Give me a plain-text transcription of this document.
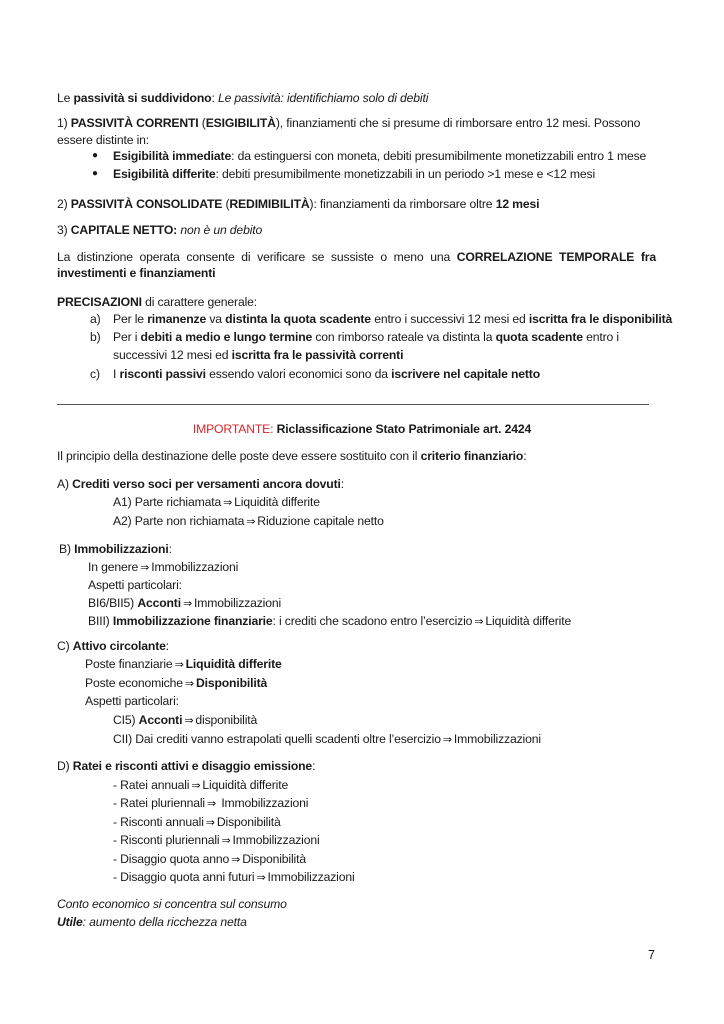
Le passività si suddividono: Le passività: identifichiamo solo di debiti
1) PASSIVITÀ CORRENTI (ESIGIBILITÀ), finanziamenti che si presume di rimborsare entro 12 mesi. Possono
essere distinte in:
● Esigibilità immediate: da estinguersi con moneta, debiti presumibilmente monetizzabili entro 1 mese
● Esigibilità differite: debiti presumibilmente monetizzabili in un periodo >1 mese e <12 mesi
2) PASSIVITÀ CONSOLIDATE (REDIMIBILITÀ): finanziamenti da rimborsare oltre 12 mesi
3) CAPITALE NETTO: non è un debito
La distinzione operata consente di verificare se sussiste o meno una CORRELAZIONE TEMPORALE fra investimenti e finanziamenti
PRECISAZIONI di carattere generale:
a) Per le rimanenze va distinta la quota scadente entro i successivi 12 mesi ed iscritta fra le disponibilità
b) Per i debiti a medio e lungo termine con rimborso rateale va distinta la quota scadente entro i
successivi 12 mesi ed iscritta fra le passività correnti
c) I risconti passivi essendo valori economici sono da iscrivere nel capitale netto
IMPORTANTE: Riclassificazione Stato Patrimoniale art. 2424
Il principio della destinazione delle poste deve essere sostituito con il criterio finanziario:
A) Crediti verso soci per versamenti ancora dovuti:
A1) Parte richiamata ⇒ Liquidità differite
A2) Parte non richiamata ⇒ Riduzione capitale netto
B) Immobilizzazioni:
In genere ⇒ Immobilizzazioni
Aspetti particolari:
BI6/BII5) Acconti ⇒ Immobilizzazioni
BIII) Immobilizzazione finanziarie: i crediti che scadono entro l’esercizio ⇒ Liquidità differite
C) Attivo circolante:
Poste finanziarie ⇒ Liquidità differite
Poste economiche ⇒ Disponibilità
Aspetti particolari:
CI5) Acconti ⇒ disponibilità
CII) Dai crediti vanno estrapolati quelli scadenti oltre l’esercizio ⇒ Immobilizzazioni
D) Ratei e risconti attivi e disaggio emissione:
- Ratei annuali ⇒ Liquidità differite
- Ratei pluriennali ⇒ Immobilizzazioni
- Risconti annuali ⇒ Disponibilità
- Risconti pluriennali ⇒ Immobilizzazioni
- Disaggio quota anno ⇒ Disponibilità
- Disaggio quota anni futuri ⇒ Immobilizzazioni
Conto economico si concentra sul consumo
Utile: aumento della ricchezza netta
7
